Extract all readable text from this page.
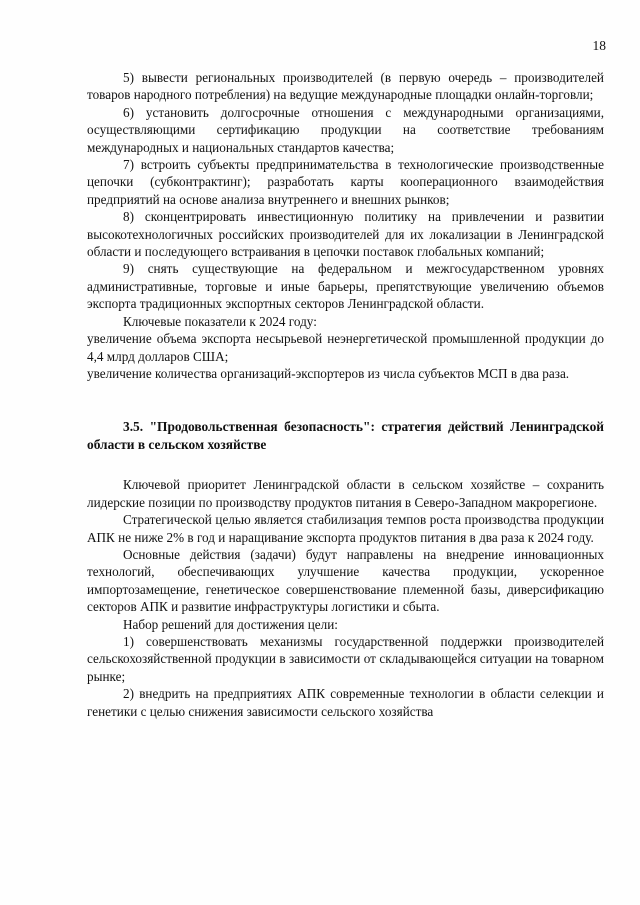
18

5) вывести региональных производителей (в первую очередь – производителей товаров народного потребления) на ведущие международные площадки онлайн-торговли;

6) установить долгосрочные отношения с международными организациями, осуществляющими сертификацию продукции на соответствие требованиям международных и национальных стандартов качества;

7) встроить субъекты предпринимательства в технологические производственные цепочки (субконтрактинг); разработать карты кооперационного взаимодействия предприятий на основе анализа внутреннего и внешних рынков;

8) сконцентрировать инвестиционную политику на привлечении и развитии высокотехнологичных российских производителей для их локализации в Ленинградской области и последующего встраивания в цепочки поставок глобальных компаний;

9) снять существующие на федеральном и межгосударственном уровнях административные, торговые и иные барьеры, препятствующие увеличению объемов экспорта традиционных экспортных секторов Ленинградской области.

Ключевые показатели к 2024 году:

увеличение объема экспорта несырьевой неэнергетической промышленной продукции до 4,4 млрд долларов США;

увеличение количества организаций-экспортеров из числа субъектов МСП в два раза.

3.5. "Продовольственная безопасность": стратегия действий Ленинградской области в сельском хозяйстве

Ключевой приоритет Ленинградской области в сельском хозяйстве – сохранить лидерские позиции по производству продуктов питания в Северо-Западном макрорегионе.

Стратегической целью является стабилизация темпов роста производства продукции АПК не ниже 2% в год и наращивание экспорта продуктов питания в два раза к 2024 году.

Основные действия (задачи) будут направлены на внедрение инновационных технологий, обеспечивающих улучшение качества продукции, ускоренное импортозамещение, генетическое совершенствование племенной базы, диверсификацию секторов АПК и развитие инфраструктуры логистики и сбыта.

Набор решений для достижения цели:

1) совершенствовать механизмы государственной поддержки производителей сельскохозяйственной продукции в зависимости от складывающейся ситуации на товарном рынке;

2) внедрить на предприятиях АПК современные технологии в области селекции и генетики с целью снижения зависимости сельского хозяйства
